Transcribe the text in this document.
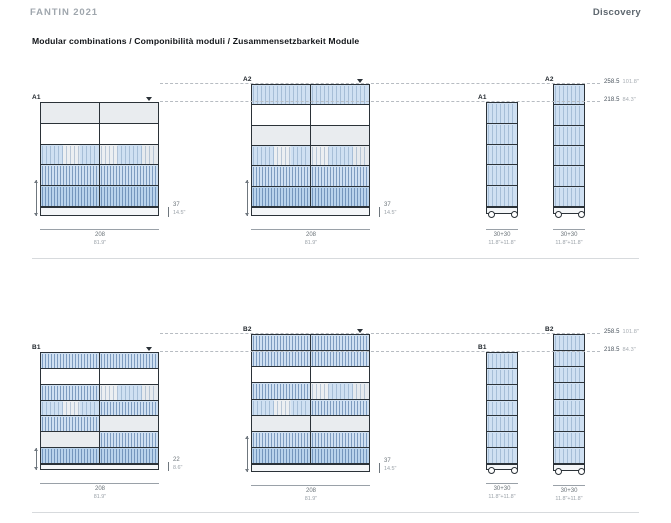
FANTIN 2021	Discovery
Modular combinations / Componibilità moduli / Zusammensetzbarkeit Module
A1
37
14.5"
208
81.9"
A2
37
14.5"
208
81.9"
A1
30+30
11.8"+11.8"
A2
30+30
11.8"+11.8"
258.5 101.8"
218.5 84.3"
B1
22
8.6"
208
81.9"
B2
37
14.5"
208
81.9"
B1
30+30
11.8"+11.8"
B2
30+30
11.8"+11.8"
258.5 101.8"
218.5 84.3"
